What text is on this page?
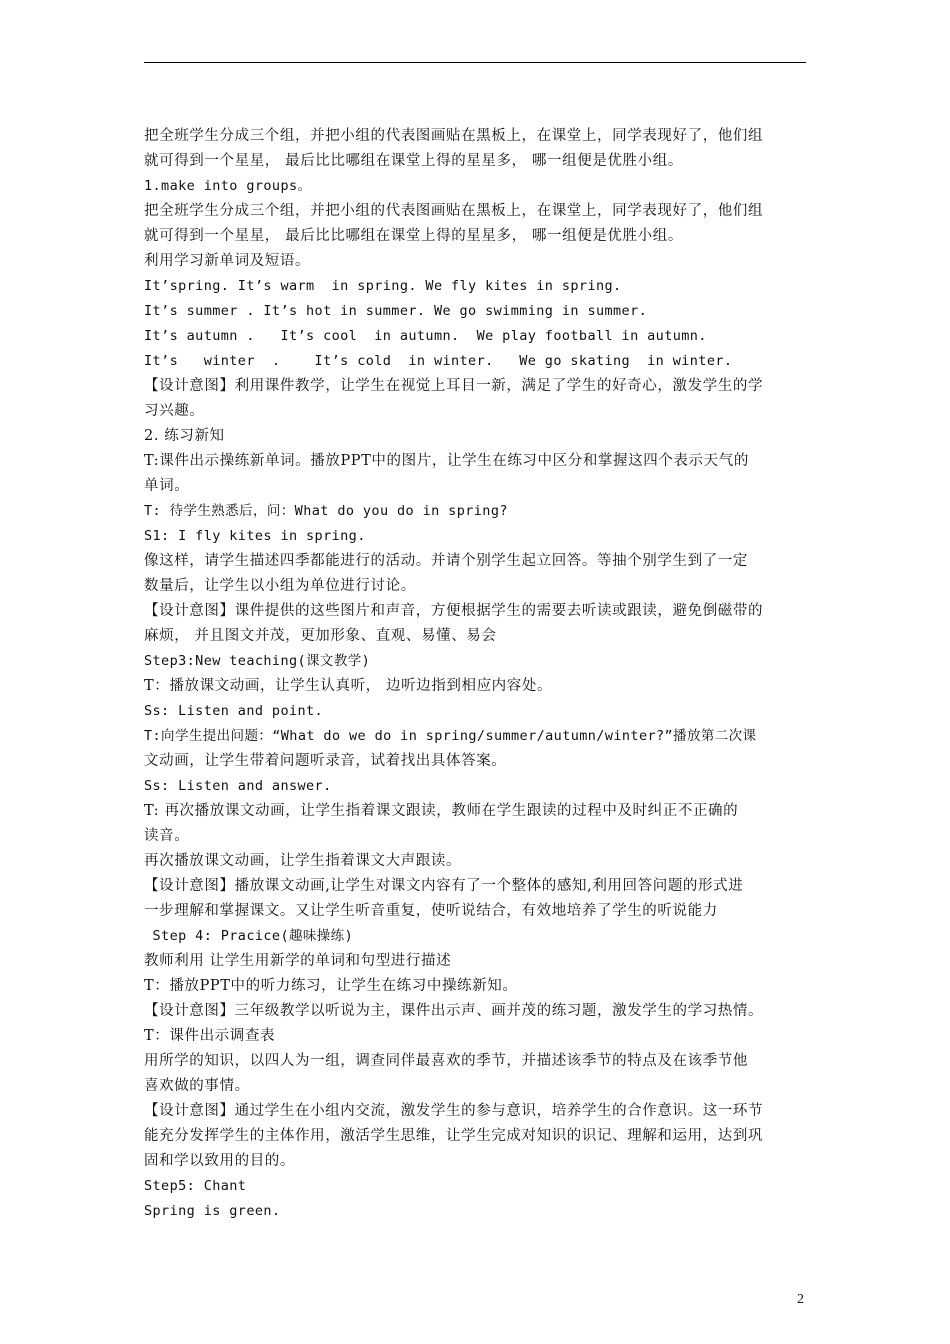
把全班学生分成三个组，并把小组的代表图画贴在黑板上，在课堂上，同学表现好了，他们组
就可得到一个星星， 最后比比哪组在课堂上得的星星多， 哪一组便是优胜小组。
1.make into groups。
把全班学生分成三个组，并把小组的代表图画贴在黑板上，在课堂上，同学表现好了，他们组
就可得到一个星星， 最后比比哪组在课堂上得的星星多， 哪一组便是优胜小组。
利用学习新单词及短语。
It’spring. It’s warm  in spring. We fly kites in spring.
It’s summer . It’s hot in summer. We go swimming in summer.
It’s autumn .   It’s cool  in autumn.  We play football in autumn.
It’s   winter  .    It’s cold  in winter.   We go skating  in winter.
【设计意图】利用课件教学，让学生在视觉上耳目一新，满足了学生的好奇心，激发学生的学
习兴趣。
2. 练习新知
T:课件出示操练新单词。播放PPT中的图片，让学生在练习中区分和掌握这四个表示天气的
单词。
T: 待学生熟悉后，问：What do you do in spring?
S1: I fly kites in spring.
像这样，请学生描述四季都能进行的活动。并请个别学生起立回答。等抽个别学生到了一定
数量后，让学生以小组为单位进行讨论。
【设计意图】课件提供的这些图片和声音，方便根据学生的需要去听读或跟读，避免倒磁带的
麻烦， 并且图文并茂，更加形象、直观、易懂、易会
Step3:New teaching(课文教学)
T：播放课文动画，让学生认真听， 边听边指到相应内容处。
Ss: Listen and point.
T:向学生提出问题：“What do we do in spring/summer/autumn/winter?”播放第二次课
文动画，让学生带着问题听录音，试着找出具体答案。
Ss: Listen and answer.
T: 再次播放课文动画，让学生指着课文跟读，教师在学生跟读的过程中及时纠正不正确的
读音。
再次播放课文动画，让学生指着课文大声跟读。
【设计意图】播放课文动画,让学生对课文内容有了一个整体的感知,利用回答问题的形式进
一步理解和掌握课文。又让学生听音重复，使听说结合，有效地培养了学生的听说能力
Step 4: Pracice(趣味操练)
教师利用 让学生用新学的单词和句型进行描述
T：播放PPT中的听力练习，让学生在练习中操练新知。
【设计意图】三年级教学以听说为主，课件出示声、画并茂的练习题，激发学生的学习热情。
T：课件出示调查表
用所学的知识，以四人为一组，调查同伴最喜欢的季节，并描述该季节的特点及在该季节他
喜欢做的事情。
【设计意图】通过学生在小组内交流，激发学生的参与意识，培养学生的合作意识。这一环节
能充分发挥学生的主体作用，激活学生思维，让学生完成对知识的识记、理解和运用，达到巩
固和学以致用的目的。
Step5: Chant
Spring is green.
2
